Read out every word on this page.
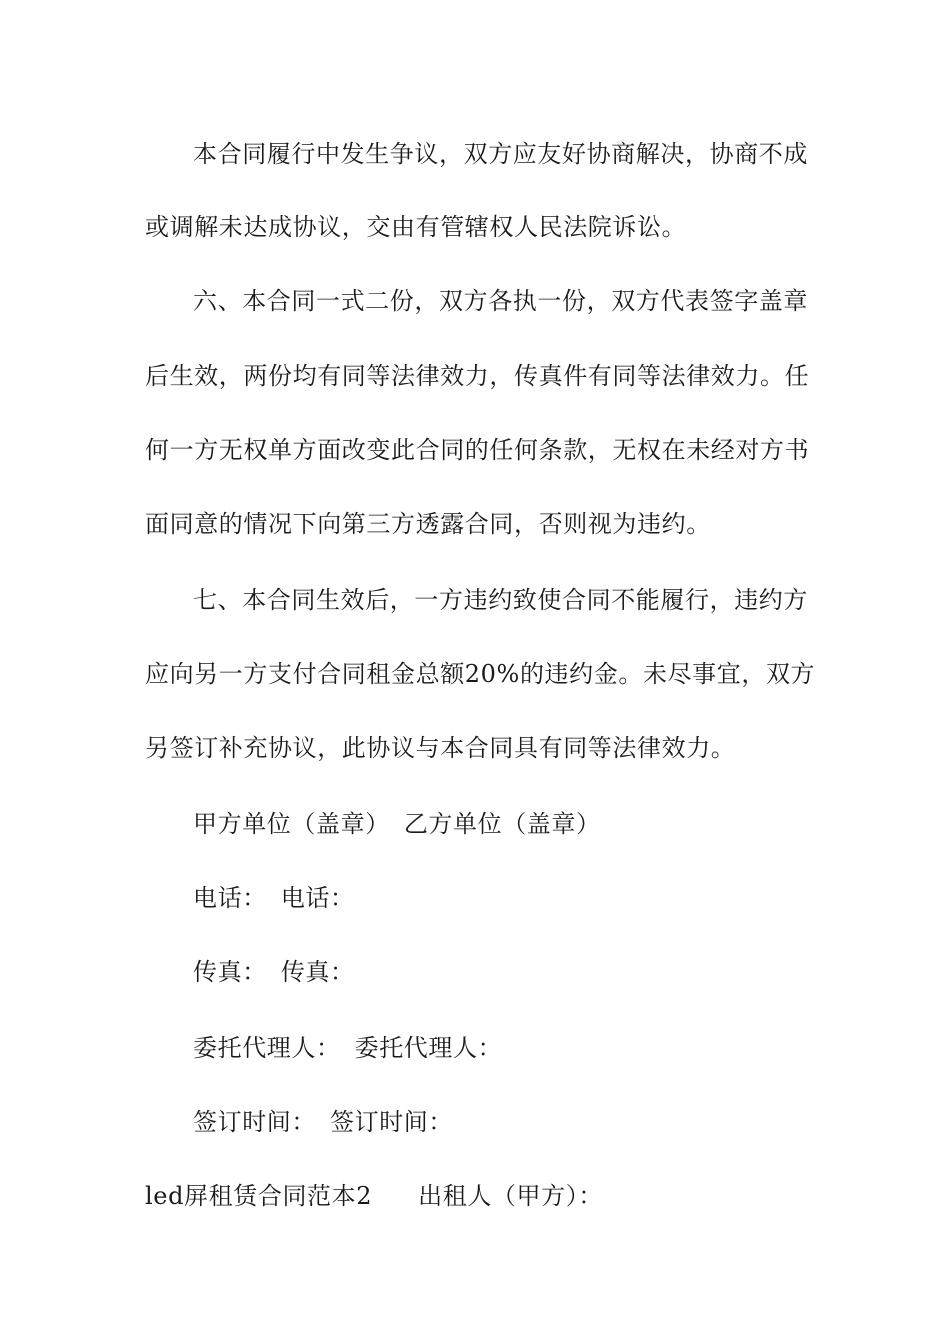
本合同履行中发生争议，双方应友好协商解决，协商不成
或调解未达成协议，交由有管辖权人民法院诉讼。
六、本合同一式二份，双方各执一份，双方代表签字盖章
后生效，两份均有同等法律效力，传真件有同等法律效力。任
何一方无权单方面改变此合同的任何条款，无权在未经对方书
面同意的情况下向第三方透露合同，否则视为违约。
七、本合同生效后，一方违约致使合同不能履行，违约方
应向另一方支付合同租金总额20%的违约金。未尽事宜，双方
另签订补充协议，此协议与本合同具有同等法律效力。
甲方单位（盖章） 乙方单位（盖章）
电话： 电话：
传真： 传真：
委托代理人： 委托代理人：
签订时间： 签订时间：
led屏租赁合同范本2 出租人（甲方）：
